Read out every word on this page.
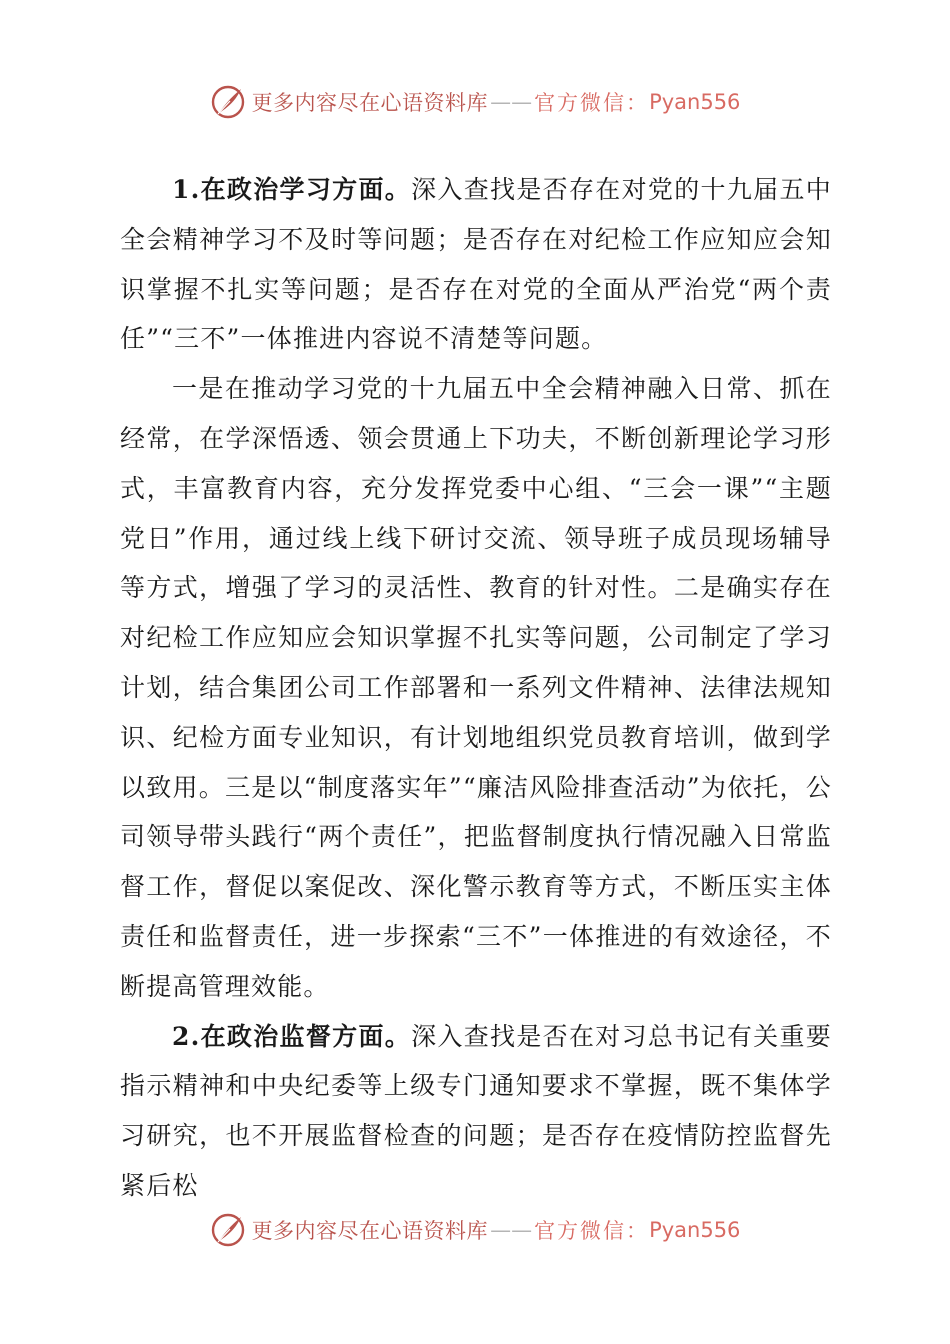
更多内容尽在心语资料库 —— 官方微信： Pyan556

1.在政治学习方面。深入查找是否存在对党的十九届五中全会精神学习不及时等问题；是否存在对纪检工作应知应会知识掌握不扎实等问题；是否存在对党的全面从严治党“两个责任”“三不”一体推进内容说不清楚等问题。

一是在推动学习党的十九届五中全会精神融入日常、抓在经常，在学深悟透、领会贯通上下功夫，不断创新理论学习形式，丰富教育内容，充分发挥党委中心组、“三会一课”“主题党日”作用，通过线上线下研讨交流、领导班子成员现场辅导等方式，增强了学习的灵活性、教育的针对性。二是确实存在对纪检工作应知应会知识掌握不扎实等问题，公司制定了学习计划，结合集团公司工作部署和一系列文件精神、法律法规知识、纪检方面专业知识，有计划地组织党员教育培训，做到学以致用。三是以“制度落实年”“廉洁风险排查活动”为依托，公司领导带头践行“两个责任”，把监督制度执行情况融入日常监督工作，督促以案促改、深化警示教育等方式，不断压实主体责任和监督责任，进一步探索“三不”一体推进的有效途径，不断提高管理效能。

2.在政治监督方面。深入查找是否在对习总书记有关重要指示精神和中央纪委等上级专门通知要求不掌握，既不集体学习研究，也不开展监督检查的问题；是否存在疫情防控监督先紧后松

更多内容尽在心语资料库 —— 官方微信： Pyan556
